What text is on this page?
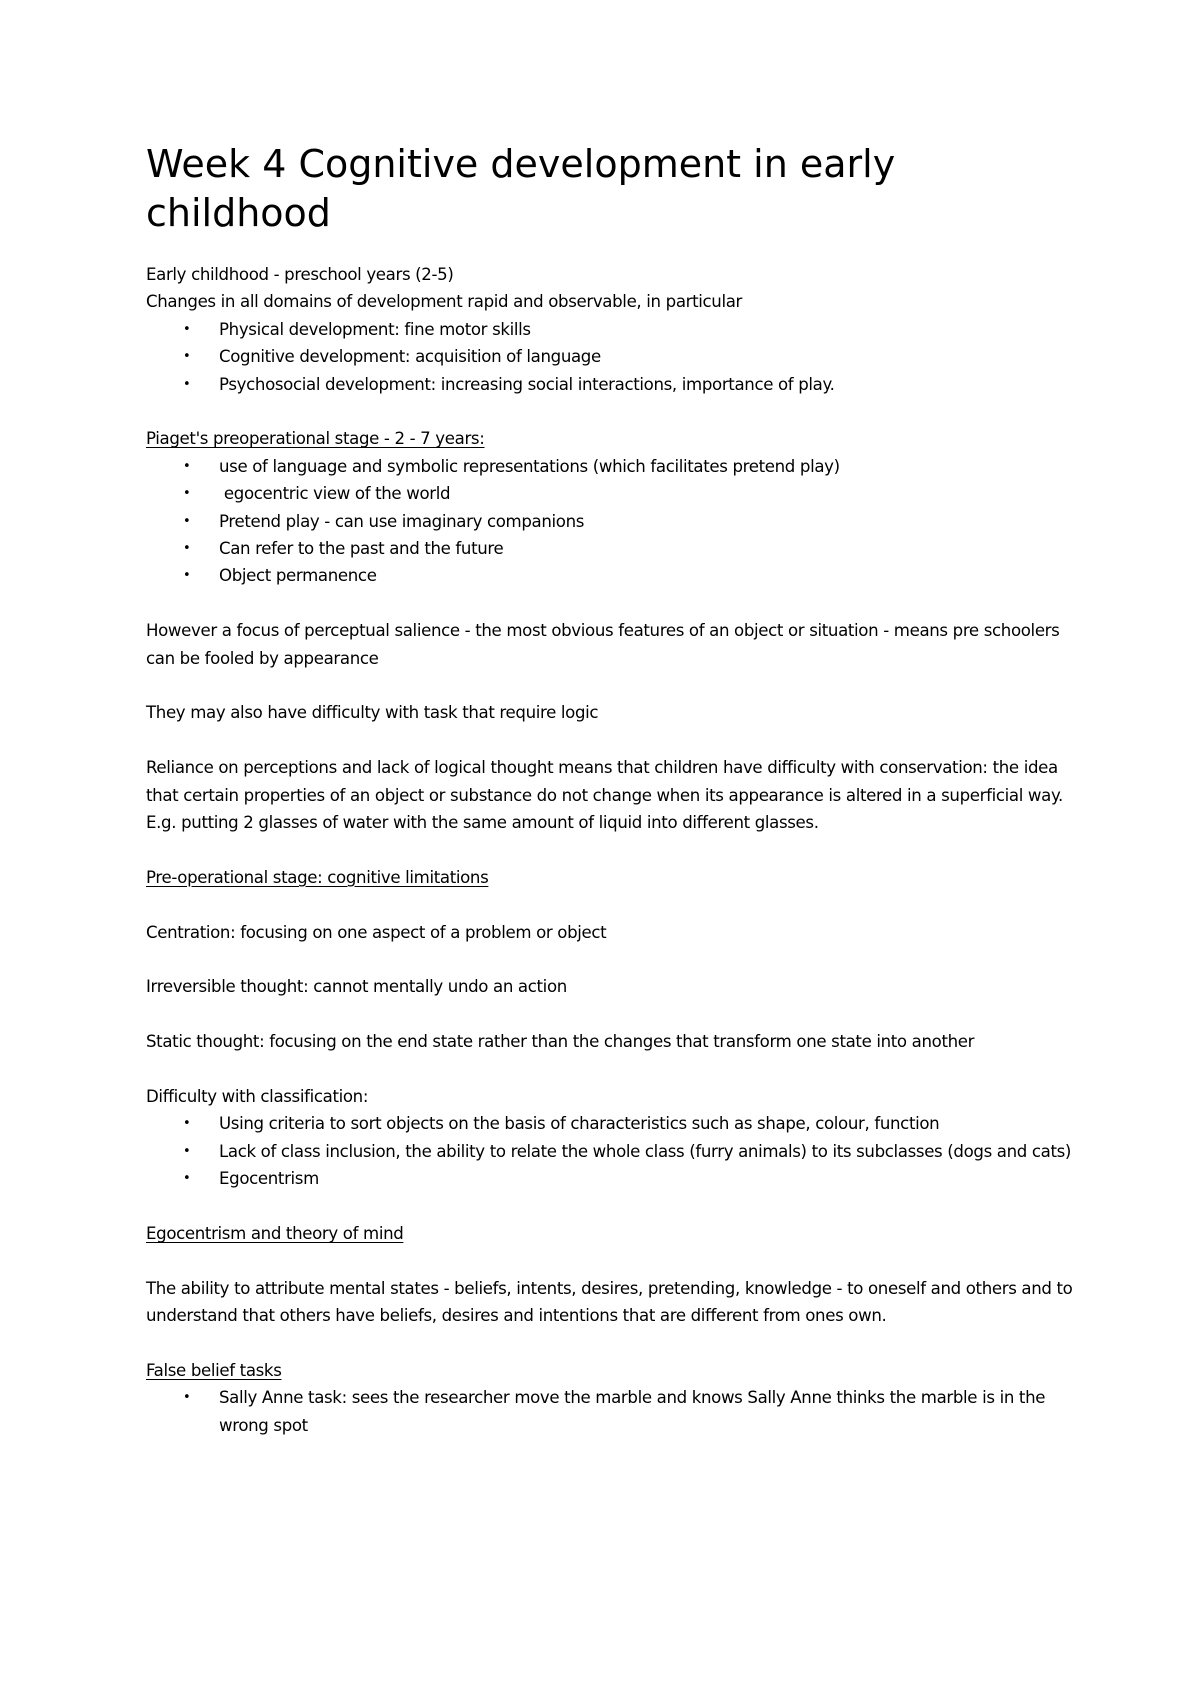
Week 4 Cognitive development in early childhood

Early childhood - preschool years (2-5)

Changes in all domains of development rapid and observable, in particular

• Physical development: fine motor skills
• Cognitive development: acquisition of language
• Psychosocial development: increasing social interactions, importance of play.

Piaget's preoperational stage - 2 - 7 years:

• use of language and symbolic representations (which facilitates pretend play)
• egocentric view of the world
• Pretend play - can use imaginary companions
• Can refer to the past and the future
• Object permanence

However a focus of perceptual salience - the most obvious features of an object or situation - means pre schoolers can be fooled by appearance

They may also have difficulty with task that require logic

Reliance on perceptions and lack of logical thought means that children have difficulty with conservation: the idea that certain properties of an object or substance do not change when its appearance is altered in a superficial way. E.g. putting 2 glasses of water with the same amount of liquid into different glasses.

Pre-operational stage: cognitive limitations

Centration: focusing on one aspect of a problem or object

Irreversible thought: cannot mentally undo an action

Static thought: focusing on the end state rather than the changes that transform one state into another

Difficulty with classification:

• Using criteria to sort objects on the basis of characteristics such as shape, colour, function
• Lack of class inclusion, the ability to relate the whole class (furry animals) to its subclasses (dogs and cats)
• Egocentrism

Egocentrism and theory of mind

The ability to attribute mental states - beliefs, intents, desires, pretending, knowledge - to oneself and others and to understand that others have beliefs, desires and intentions that are different from ones own.

False belief tasks

• Sally Anne task: sees the researcher move the marble and knows Sally Anne thinks the marble is in the wrong spot
